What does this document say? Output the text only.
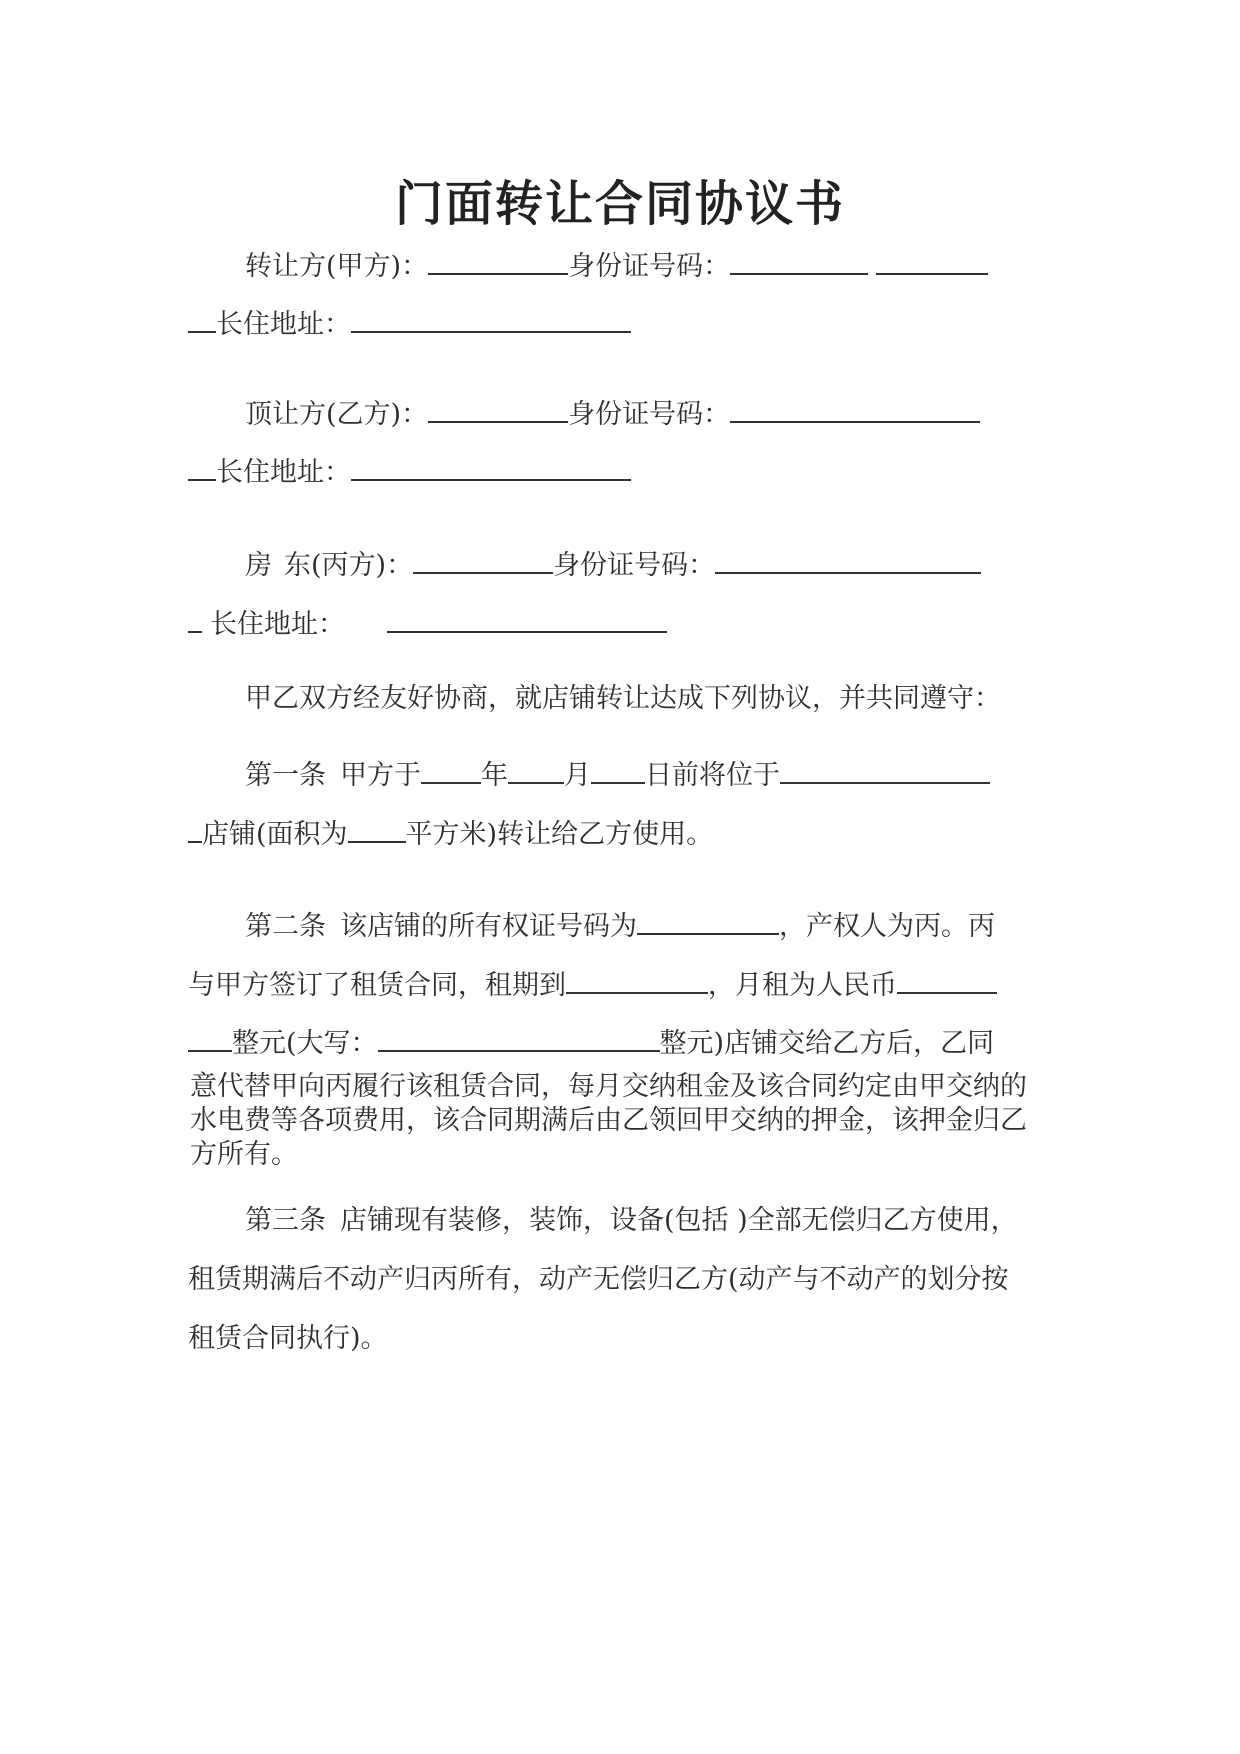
门面转让合同协议书
转让方(甲方)：	身份证号码：
长住地址：
顶让方(乙方)：	身份证号码：
长住地址：
房 东(丙方)：	身份证号码：
长住地址：
甲乙双方经友好协商，就店铺转让达成下列协议，并共同遵守：
第一条 甲方于 年 月 日前将位于
店铺(面积为 平方米)转让给乙方使用。
第二条 该店铺的所有权证号码为	，产权人为丙。丙
与甲方签订了租赁合同，租期到	，月租为人民币
整元(大写：	整元)店铺交给乙方后，乙同
意代替甲向丙履行该租赁合同，每月交纳租金及该合同约定由甲交纳的水电费等各项费用，该合同期满后由乙领回甲交纳的押金，该押金归乙方所有。
第三条 店铺现有装修，装饰，设备(包括 )全部无偿归乙方使用，
租赁期满后不动产归丙所有，动产无偿归乙方(动产与不动产的划分按
租赁合同执行)。
